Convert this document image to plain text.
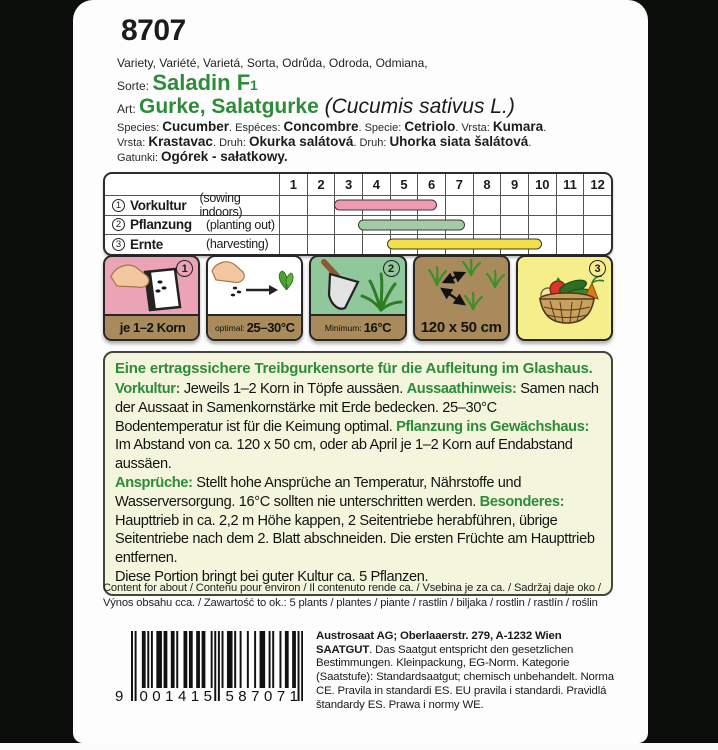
8707
Variety, Variété, Varietá, Sorta, Odrůda, Odroda, Odmiana,
Sorte: Saladin F1
Art: Gurke, Salatgurke (Cucumis sativus L.)
Species: Cucumber. Espéces: Concombre. Specie: Cetriolo. Vrsta: Kumara.
Vrsta: Krastavac. Druh: Okurka salátová. Druh: Uhorka siata šalátová.
Gatunki: Ogórek - sałatkowy.
1	2	3	4	5	6	7	8	9	10	11	12
1 Vorkultur	(sowing indoors)
2 Pflanzung	(planting out)
3 Ernte	(harvesting)
1
je 1–2 Korn	optimal: 25–30°C
2
Minimum: 16°C	120 x 50 cm
3
Eine ertragssichere Treibgurkensorte für die Aufleitung im Glashaus.

Vorkultur: Jeweils 1–2 Korn in Töpfe aussäen. Aussaathinweis: Samen nach der Aussaat in Samenkornstärke mit Erde bedecken. 25–30°C Bodentemperatur ist für die Keimung optimal. Pflanzung ins Gewächshaus: Im Abstand von ca. 120 x 50 cm, oder ab April je 1–2 Korn auf Endabstand aussäen.

Ansprüche: Stellt hohe Ansprüche an Temperatur, Nährstoffe und Wasserversorgung. 16°C sollten nie unterschritten werden. Besonderes: Haupttrieb in ca. 2,2 m Höhe kappen, 2 Seitentriebe herabführen, übrige Seitentriebe nach dem 2. Blatt abschneiden. Die ersten Früchte am Haupttrieb entfernen.

Diese Portion bringt bei guter Kultur ca. 5 Pflanzen.

Content for about / Contenu pour environ / Il contenuto rende ca. / Vsebina je za ca. / Sadržaj daje oko / Výnos obsahu cca. / Zawartość to ok.: 5 plants / plantes / piante / rastlin / biljaka / rostlin / rastlín / roślin
9 001415 587071
Austrosaat AG; Oberlaaerstr. 279, A-1232 Wien
SAATGUT. Das Saatgut entspricht den gesetzlichen Bestimmungen. Kleinpackung, EG-Norm. Kategorie (Saatstufe): Standardsaatgut; chemisch unbehandelt. Norma CE. Pravila in standardi ES. EU pravila i standardi. Pravidlá štandardy ES. Prawa i normy WE.
